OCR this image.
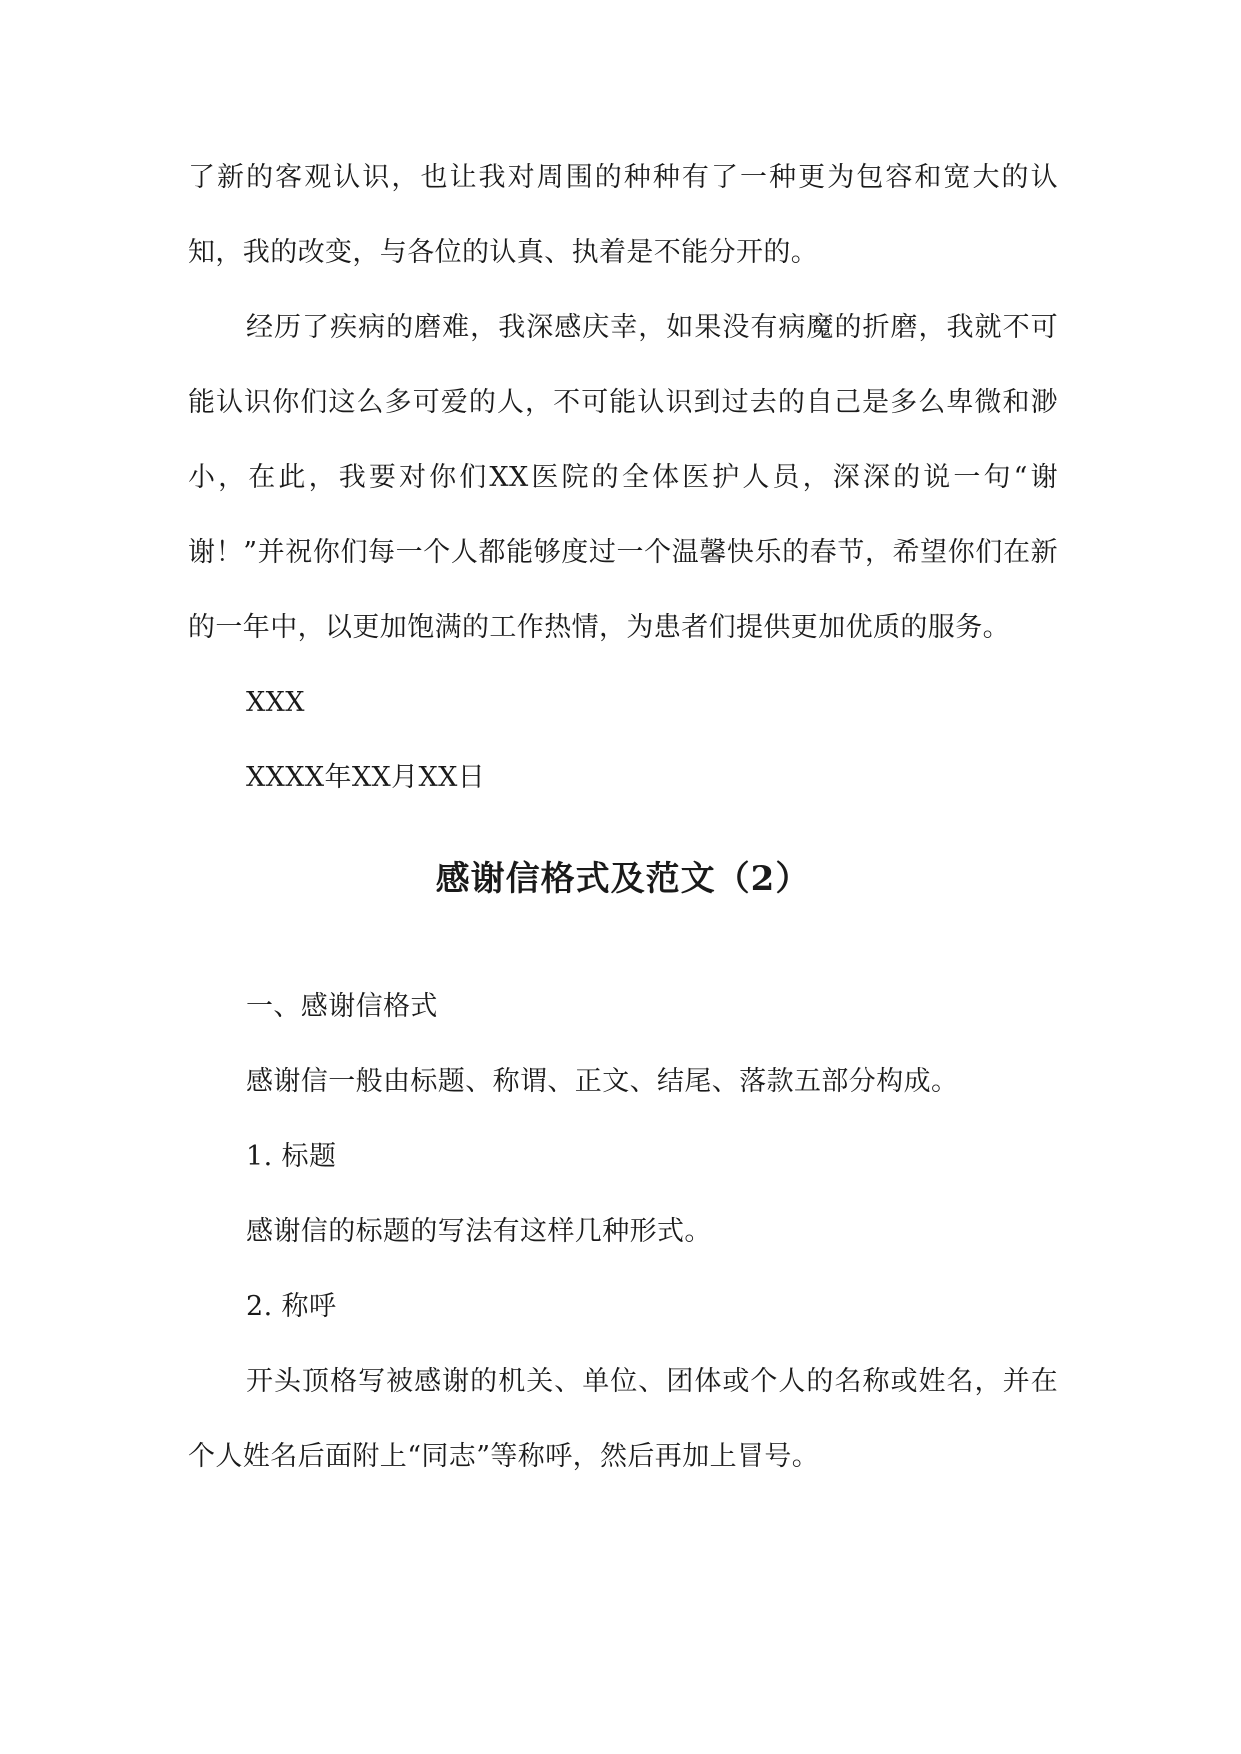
了新的客观认识，也让我对周围的种种有了一种更为包容和宽大的认知，我的改变，与各位的认真、执着是不能分开的。

经历了疾病的磨难，我深感庆幸，如果没有病魔的折磨，我就不可能认识你们这么多可爱的人，不可能认识到过去的自己是多么卑微和渺小，在此，我要对你们XX医院的全体医护人员，深深的说一句“谢谢！”并祝你们每一个人都能够度过一个温馨快乐的春节，希望你们在新的一年中，以更加饱满的工作热情，为患者们提供更加优质的服务。

XXX

XXXX年XX月XX日

感谢信格式及范文（2）

一、感谢信格式

感谢信一般由标题、称谓、正文、结尾、落款五部分构成。

1. 标题

感谢信的标题的写法有这样几种形式。

2. 称呼

开头顶格写被感谢的机关、单位、团体或个人的名称或姓名，并在个人姓名后面附上“同志”等称呼，然后再加上冒号。
